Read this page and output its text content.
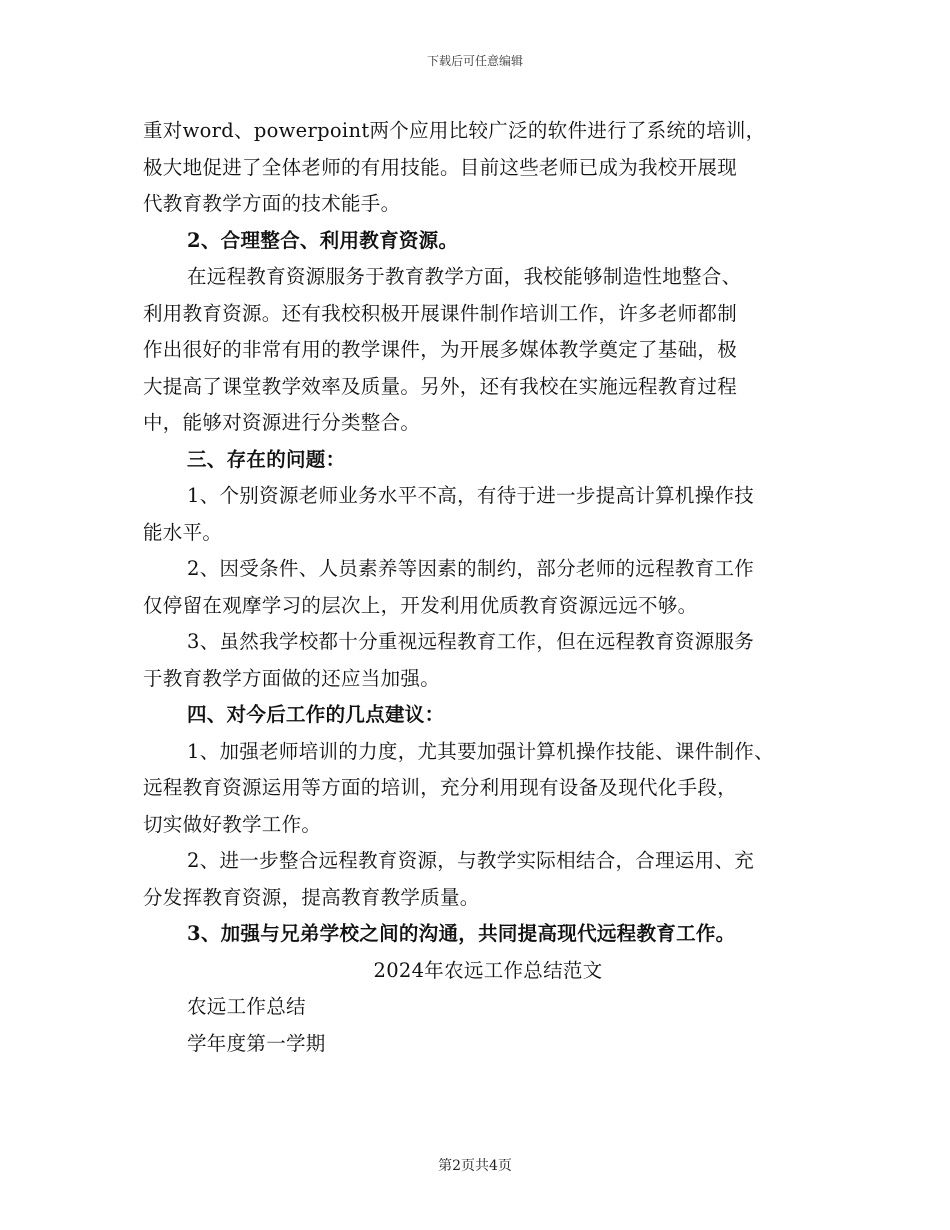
下载后可任意编辑
重对word、powerpoint两个应用比较广泛的软件进行了系统的培训，
极大地促进了全体老师的有用技能。目前这些老师已成为我校开展现
代教育教学方面的技术能手。
2、合理整合、利用教育资源。
在远程教育资源服务于教育教学方面，我校能够制造性地整合、
利用教育资源。还有我校积极开展课件制作培训工作，许多老师都制
作出很好的非常有用的教学课件，为开展多媒体教学奠定了基础，极
大提高了课堂教学效率及质量。另外，还有我校在实施远程教育过程
中，能够对资源进行分类整合。
三、存在的问题：
1、个别资源老师业务水平不高，有待于进一步提高计算机操作技
能水平。
2、因受条件、人员素养等因素的制约，部分老师的远程教育工作
仅停留在观摩学习的层次上，开发利用优质教育资源远远不够。
3、虽然我学校都十分重视远程教育工作，但在远程教育资源服务
于教育教学方面做的还应当加强。
四、对今后工作的几点建议：
1、加强老师培训的力度，尤其要加强计算机操作技能、课件制作、
远程教育资源运用等方面的培训，充分利用现有设备及现代化手段，
切实做好教学工作。
2、进一步整合远程教育资源，与教学实际相结合，合理运用、充
分发挥教育资源，提高教育教学质量。
3、加强与兄弟学校之间的沟通，共同提高现代远程教育工作。
2024年农远工作总结范文
农远工作总结
学年度第一学期
第2页共4页
